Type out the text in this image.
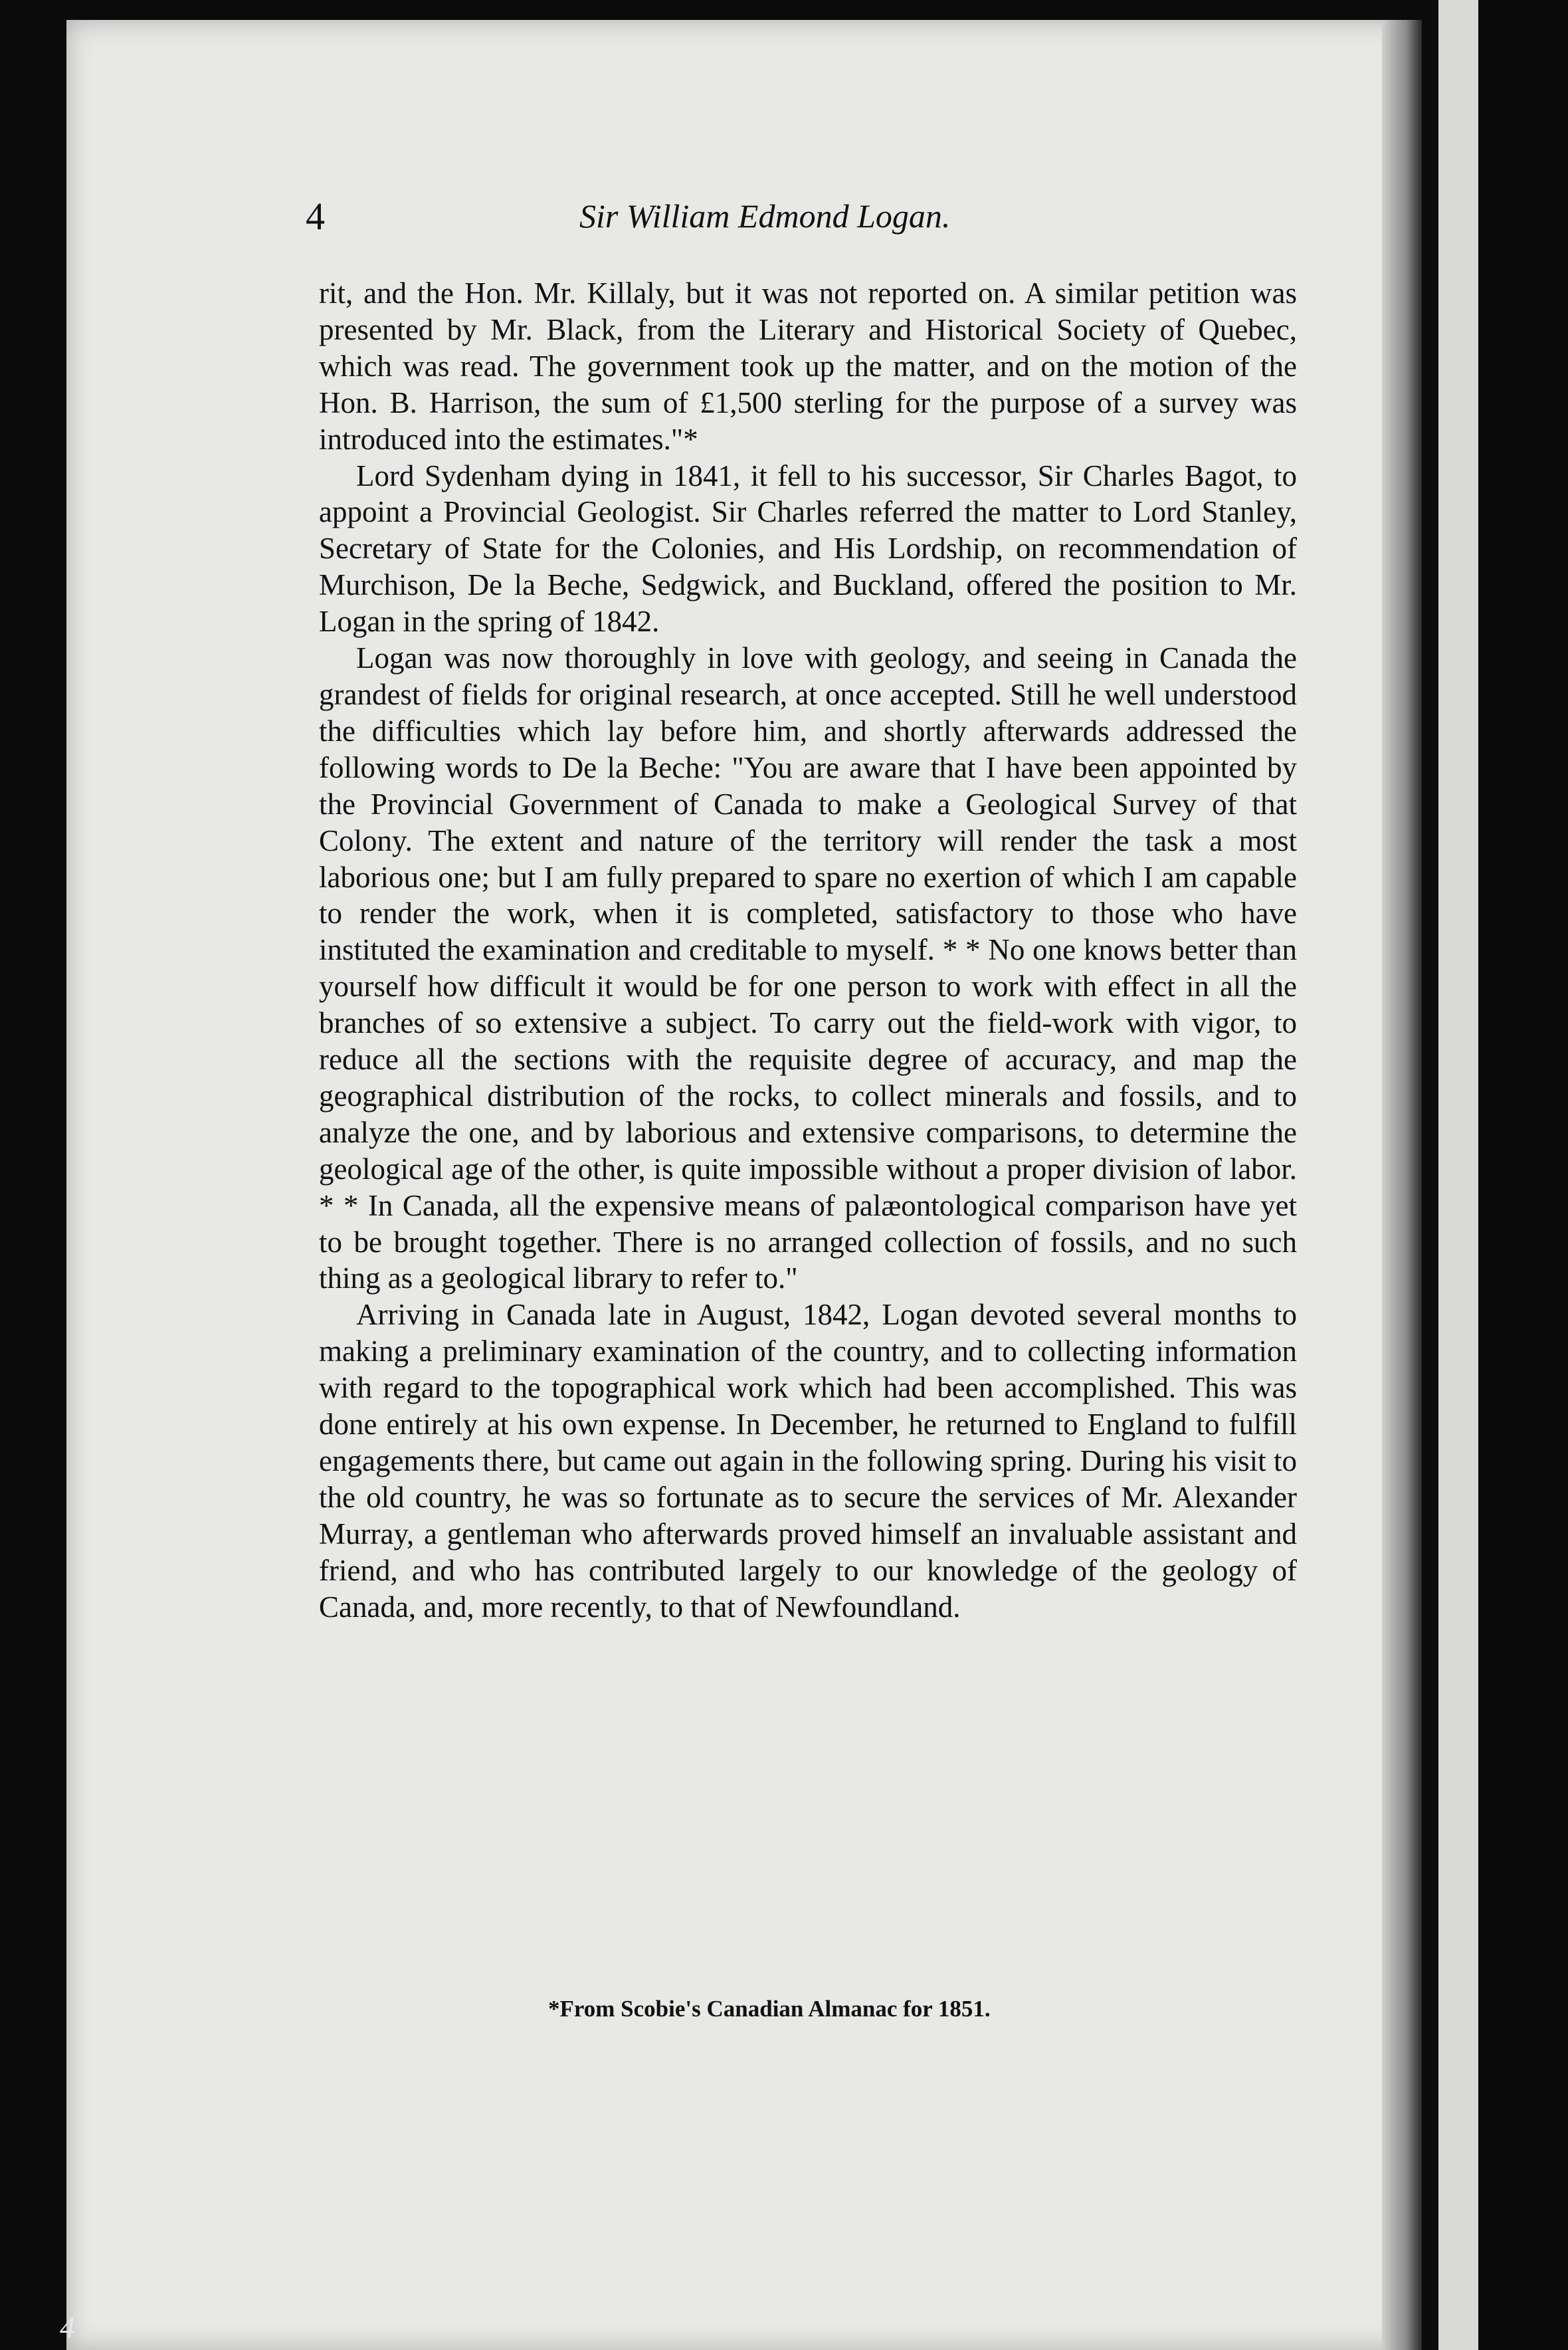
4	Sir William Edmond Logan.

rit, and the Hon. Mr. Killaly, but it was not reported on. A similar petition was presented by Mr. Black, from the Literary and Historical Society of Quebec, which was read. The government took up the matter, and on the motion of the Hon. B. Harrison, the sum of £1,500 sterling for the purpose of a survey was introduced into the estimates."*

Lord Sydenham dying in 1841, it fell to his successor, Sir Charles Bagot, to appoint a Provincial Geologist. Sir Charles referred the matter to Lord Stanley, Secretary of State for the Colonies, and His Lordship, on recommendation of Murchison, De la Beche, Sedgwick, and Buckland, offered the position to Mr. Logan in the spring of 1842.

Logan was now thoroughly in love with geology, and seeing in Canada the grandest of fields for original research, at once accepted. Still he well understood the difficulties which lay before him, and shortly afterwards addressed the following words to De la Beche: "You are aware that I have been appointed by the Provincial Government of Canada to make a Geological Survey of that Colony. The extent and nature of the territory will render the task a most laborious one; but I am fully prepared to spare no exertion of which I am capable to render the work, when it is completed, satisfactory to those who have instituted the examination and creditable to myself. * * No one knows better than yourself how difficult it would be for one person to work with effect in all the branches of so extensive a subject. To carry out the field-work with vigor, to reduce all the sections with the requisite degree of accuracy, and map the geographical distribution of the rocks, to collect minerals and fossils, and to analyze the one, and by laborious and extensive comparisons, to determine the geological age of the other, is quite impossible without a proper division of labor. * * In Canada, all the expensive means of palæontological comparison have yet to be brought together. There is no arranged collection of fossils, and no such thing as a geological library to refer to."

Arriving in Canada late in August, 1842, Logan devoted several months to making a preliminary examination of the country, and to collecting information with regard to the topographical work which had been accomplished. This was done entirely at his own expense. In December, he returned to England to fulfill engagements there, but came out again in the following spring. During his visit to the old country, he was so fortunate as to secure the services of Mr. Alexander Murray, a gentleman who afterwards proved himself an invaluable assistant and friend, and who has contributed largely to our knowledge of the geology of Canada, and, more recently, to that of Newfoundland.

*From Scobie's Canadian Almanac for 1851.
4
